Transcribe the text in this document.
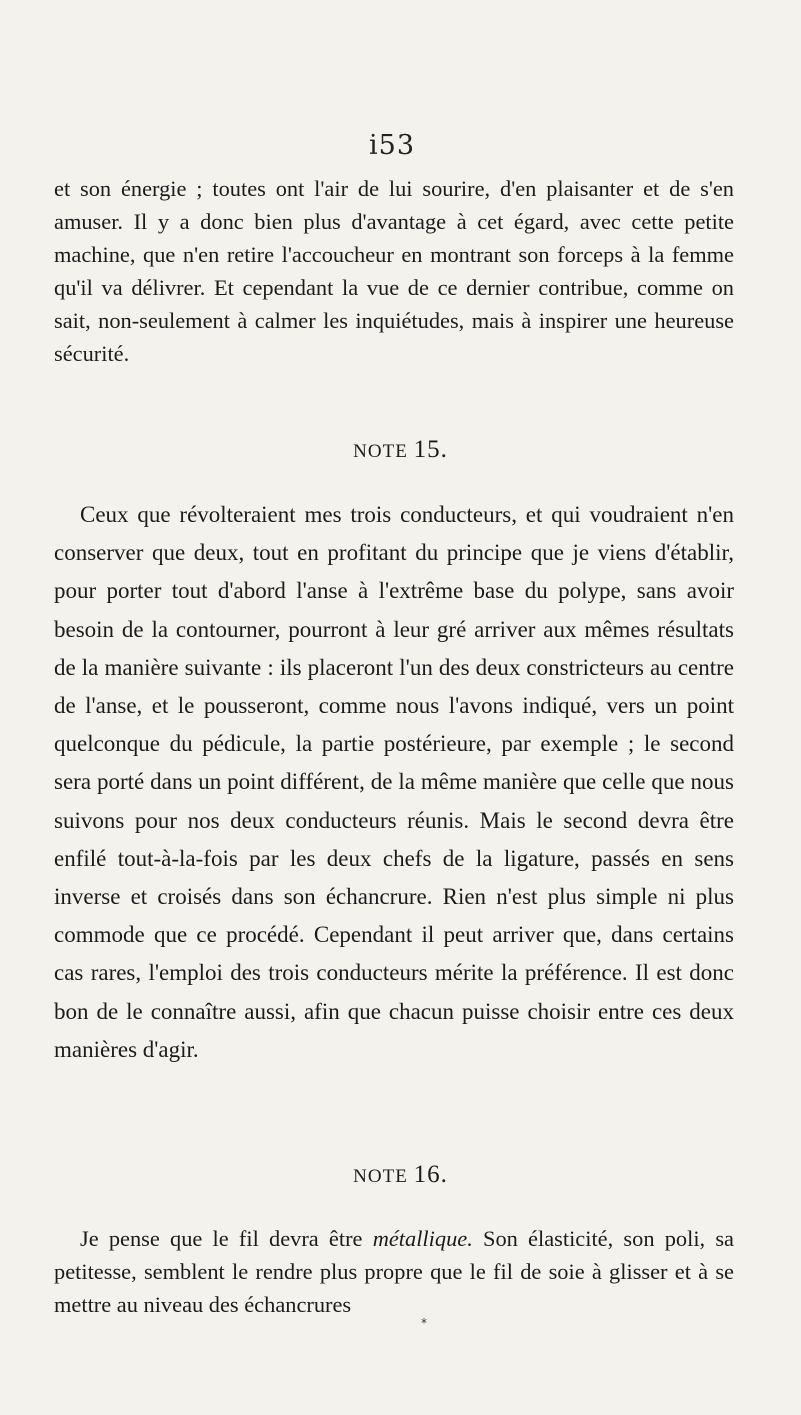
i53

et son énergie ; toutes ont l'air de lui sourire, d'en plaisanter et de s'en amuser. Il y a donc bien plus d'avantage à cet égard, avec cette petite machine, que n'en retire l'accoucheur en montrant son forceps à la femme qu'il va délivrer. Et cependant la vue de ce dernier contribue, comme on sait, non-seulement à calmer les inquiétudes, mais à inspirer une heureuse sécurité.

NOTE 15.

Ceux que révolteraient mes trois conducteurs, et qui voudraient n'en conserver que deux, tout en profitant du principe que je viens d'établir, pour porter tout d'abord l'anse à l'extrême base du polype, sans avoir besoin de la contourner, pourront à leur gré arriver aux mêmes résultats de la manière suivante : ils placeront l'un des deux constricteurs au centre de l'anse, et le pousseront, comme nous l'avons indiqué, vers un point quelconque du pédicule, la partie postérieure, par exemple ; le second sera porté dans un point différent, de la même manière que celle que nous suivons pour nos deux conducteurs réunis. Mais le second devra être enfilé tout-à-la-fois par les deux chefs de la ligature, passés en sens inverse et croisés dans son échancrure. Rien n'est plus simple ni plus commode que ce procédé. Cependant il peut arriver que, dans certains cas rares, l'emploi des trois conducteurs mérite la préférence. Il est donc bon de le connaître aussi, afin que chacun puisse choisir entre ces deux manières d'agir.

NOTE 16.

Je pense que le fil devra être métallique. Son élasticité, son poli, sa petitesse, semblent le rendre plus propre que le fil de soie à glisser et à se mettre au niveau des échancrures

*
